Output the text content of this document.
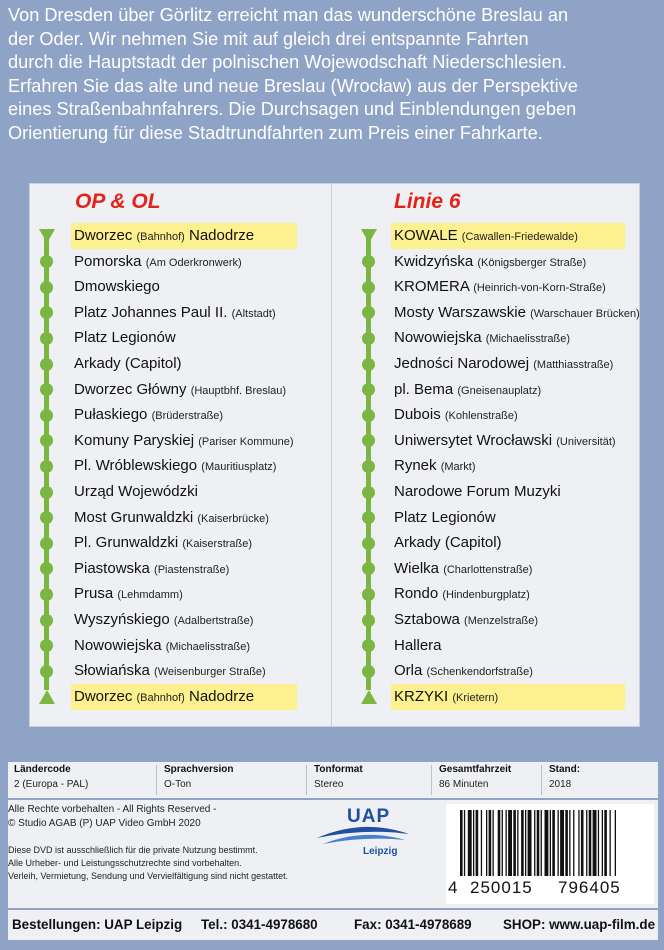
Von Dresden über Görlitz erreicht man das wunderschöne Breslau an
der Oder. Wir nehmen Sie mit auf gleich drei entspannte Fahrten
durch die Hauptstadt der polnischen Wojewodschaft Niederschlesien.
Erfahren Sie das alte und neue Breslau (Wrocław) aus der Perspektive
eines Straßenbahnfahrers. Die Durchsagen und Einblendungen geben
Orientierung für diese Stadtrundfahrten zum Preis einer Fahrkarte.
OP & OL
Dworzec (Bahnhof) Nadodrze
Pomorska (Am Oderkronwerk)
Dmowskiego
Platz Johannes Paul II. (Altstadt)
Platz Legionów
Arkady (Capitol)
Dworzec Główny (Hauptbhf. Breslau)
Pułaskiego (Brüderstraße)
Komuny Paryskiej (Pariser Kommune)
Pl. Wróblewskiego (Mauritiusplatz)
Urząd Wojewódzki
Most Grunwaldzki (Kaiserbrücke)
Pl. Grunwaldzki (Kaiserstraße)
Piastowska (Piastenstraße)
Prusa (Lehmdamm)
Wyszyńskiego (Adalbertstraße)
Nowowiejska (Michaelisstraße)
Słowiańska (Weisenburger Straße)
Dworzec (Bahnhof) Nadodrze
Linie 6
KOWALE (Cawallen-Friedewalde)
Kwidzyńska (Königsberger Straße)
KROMERA (Heinrich-von-Korn-Straße)
Mosty Warszawskie (Warschauer Brücken)
Nowowiejska (Michaelisstraße)
Jedności Narodowej (Matthiasstraße)
pl. Bema (Gneisenauplatz)
Dubois (Kohlenstraße)
Uniwersytet Wrocławski (Universität)
Rynek (Markt)
Narodowe Forum Muzyki
Platz Legionów
Arkady (Capitol)
Wielka (Charlottenstraße)
Rondo (Hindenburgplatz)
Sztabowa (Menzelstraße)
Hallera
Orla (Schenkendorfstraße)
KRZYKI (Krietern)
Ländercode
2 (Europa - PAL)
Sprachversion
O-Ton
Tonformat
Stereo
Gesamtfahrzeit
86 Minuten
Stand:
2018
Alle Rechte vorbehalten - All Rights Reserved -
© Studio AGAB (P) UAP Video GmbH 2020
Diese DVD ist ausschließlich für die private Nutzung bestimmt.
Alle Urheber- und Leistungsschutzrechte sind vorbehalten.
Verleih, Vermietung, Sendung und Vervielfältigung sind nicht gestattet.
UAP
Leipzig
4 250015 796405
Bestellungen: UAP Leipzig Tel.: 0341-4978680	Fax: 0341-4978689 SHOP: www.uap-film.de
